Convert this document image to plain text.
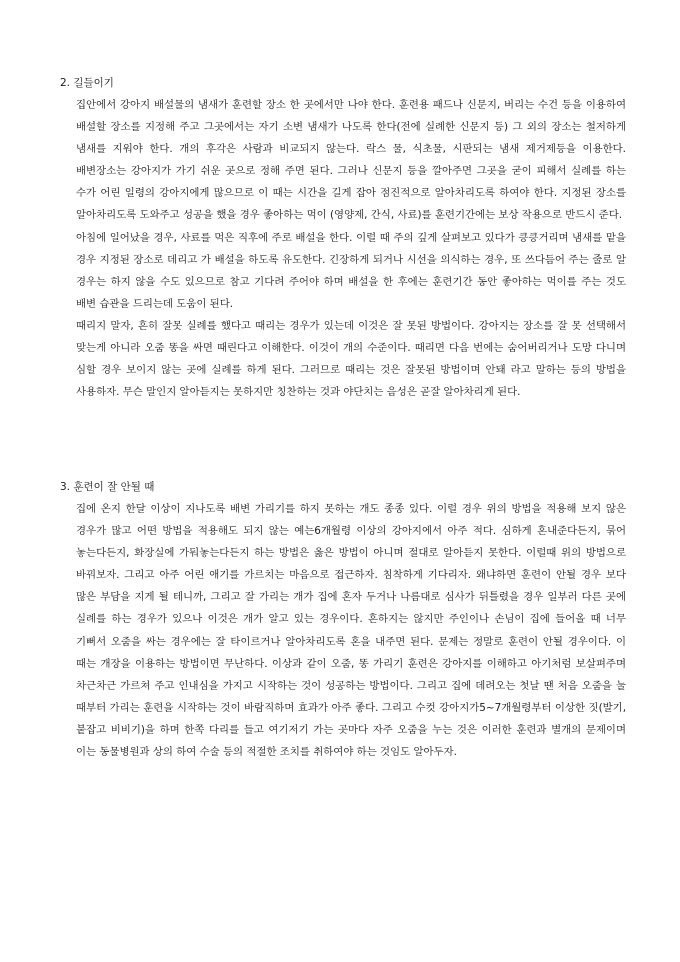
2. 길들이기

집안에서 강아지 배설물의 냄새가 훈련할 장소 한 곳에서만 나야 한다. 훈련용 패드나 신문지, 버리는 수건 등을 이용하여 배설할 장소를 지정해 주고 그곳에서는 자기 소변 냄새가 나도록 한다(전에 실례한 신문지 등) 그 외의 장소는 철저하게 냄새를 지워야 한다. 개의 후각은 사람과 비교되지 않는다. 락스 물, 식초물, 시판되는 냄새 제거제등을 이용한다. 배변장소는 강아지가 가기 쉬운 곳으로 정해 주면 된다. 그러나 신문지 등을 깔아주면 그곳을 굳이 피해서 실례를 하는 수가 어린 일령의 강아지에게 많으므로 이 때는 시간을 길게 잡아 점진적으로 알아차리도록 하여야 한다. 지정된 장소를 알아차리도록 도와주고 성공을 했을 경우 좋아하는 먹이 (영양제, 간식, 사료)를 훈련기간에는 보상 작용으로 반드시 준다.

아침에 일어났을 경우, 사료를 먹은 직후에 주로 배설을 한다. 이럴 때 주의 깊게 살펴보고 있다가 킁킁거리며 냄새를 맡을 경우 지정된 장소로 데리고 가 배설을 하도록 유도한다. 긴장하게 되거나 시선을 의식하는 경우, 또 쓰다듬어 주는 줄로 알 경우는 하지 않을 수도 있으므로 참고 기다려 주어야 하며 배설을 한 후에는 훈련기간 동안 좋아하는 먹이를 주는 것도 배변 습관을 드리는데 도움이 된다.

때리지 말자, 흔히 잘못 실례를 했다고 때리는 경우가 있는데 이것은 잘 못된 방법이다. 강아지는 장소를 잘 못 선택해서 맞는게 아니라 오줌 똥을 싸면 때린다고 이해한다. 이것이 개의 수준이다. 때리면 다음 번에는 숨어버리거나 도망 다니며 심할 경우 보이지 않는 곳에 실례를 하게 된다. 그러므로 때리는 것은 잘못된 방법이며 안돼 라고 말하는 등의 방법을 사용하자. 무슨 말인지 알아듣지는 못하지만 칭찬하는 것과 야단치는 음성은 곧잘 알아차리게 된다.

3. 훈련이 잘 안될 때

집에 온지 한달 이상이 지나도록 배변 가리기를 하지 못하는 개도 종종 있다. 이럴 경우 위의 방법을 적용해 보지 않은 경우가 많고 어떤 방법을 적용해도 되지 않는 예는6개월령 이상의 강아지에서 아주 적다. 심하게 혼내준다든지, 묶어 놓는다든지, 화장실에 가둬놓는다든지 하는 방법은 옳은 방법이 아니며 절대로 알아듣지 못한다. 이럴때 위의 방법으로 바꿔보자. 그리고 아주 어린 애기를 가르치는 마음으로 접근하자. 침착하게 기다리자. 왜냐하면 훈련이 안될 경우 보다 많은 부담을 지게 될 테니까, 그리고 잘 가리는 개가 집에 혼자 두거나 나름대로 심사가 뒤틀렸을 경우 일부러 다른 곳에 실례를 하는 경우가 있으나 이것은 개가 알고 있는 경우이다. 흔하지는 않지만 주인이나 손님이 집에 들어올 때 너무 기뻐서 오줌을 싸는 경우에는 잘 타이르거나 알아차리도록 혼을 내주면 된다. 문제는 정말로 훈련이 안될 경우이다. 이 때는 개장을 이용하는 방법이면 무난하다. 이상과 같이 오줌, 똥 가리기 훈련은 강아지를 이해하고 아기처럼 보살펴주며 차근차근 가르쳐 주고 인내심을 가지고 시작하는 것이 성공하는 방법이다. 그리고 집에 데려오는 첫날 땐 처음 오줌을 눌 때부터 가리는 훈련을 시작하는 것이 바람직하며 효과가 아주 좋다. 그리고 수컷 강아지가5~7개월령부터 이상한 짓(발기, 붙잡고 비비기)을 하며 한쪽 다리를 들고 여기저기 가는 곳마다 자주 오줌을 누는 것은 이러한 훈련과 별개의 문제이며 이는 동물병원과 상의 하여 수술 등의 적절한 조치를 취하여야 하는 것임도 알아두자.
